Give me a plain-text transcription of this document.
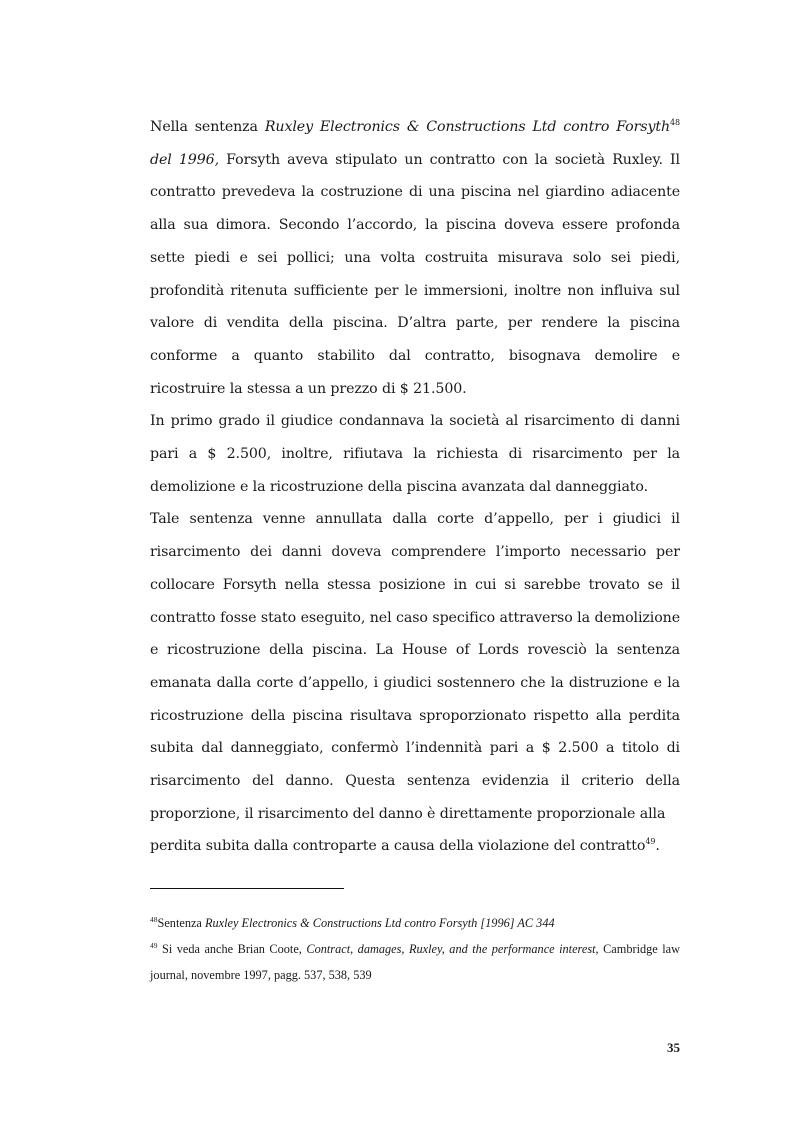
Nella sentenza Ruxley Electronics & Constructions Ltd contro Forsyth$^{48}$ del 1996, Forsyth aveva stipulato un contratto con la società Ruxley. Il contratto prevedeva la costruzione di una piscina nel giardino adiacente alla sua dimora. Secondo l’accordo, la piscina doveva essere profonda sette piedi e sei pollici; una volta costruita misurava solo sei piedi, profondità ritenuta sufficiente per le immersioni, inoltre non influiva sul valore di vendita della piscina. D’altra parte, per rendere la piscina conforme a quanto stabilito dal contratto, bisognava demolire e ricostruire la stessa a un prezzo di $ 21.500.

In primo grado il giudice condannava la società al risarcimento di danni pari a $ 2.500, inoltre, rifiutava la richiesta di risarcimento per la demolizione e la ricostruzione della piscina avanzata dal danneggiato.

Tale sentenza venne annullata dalla corte d’appello, per i giudici il risarcimento dei danni doveva comprendere l’importo necessario per collocare Forsyth nella stessa posizione in cui si sarebbe trovato se il contratto fosse stato eseguito, nel caso specifico attraverso la demolizione e ricostruzione della piscina. La House of Lords rovesciò la sentenza emanata dalla corte d’appello, i giudici sostennero che la distruzione e la ricostruzione della piscina risultava sproporzionato rispetto alla perdita subita dal danneggiato, confermò l’indennità pari a $ 2.500 a titolo di risarcimento del danno. Questa sentenza evidenzia il criterio della proporzione, il risarcimento del danno è direttamente proporzionale alla

perdita subita dalla controparte a causa della violazione del contratto$^{49}$.

$^{48}$Sentenza Ruxley Electronics & Constructions Ltd contro Forsyth [1996] AC 344

$^{49}$ Si veda anche Brian Coote, Contract, damages, Ruxley, and the performance interest, Cambridge law journal, novembre 1997, pagg. 537, 538, 539

35
